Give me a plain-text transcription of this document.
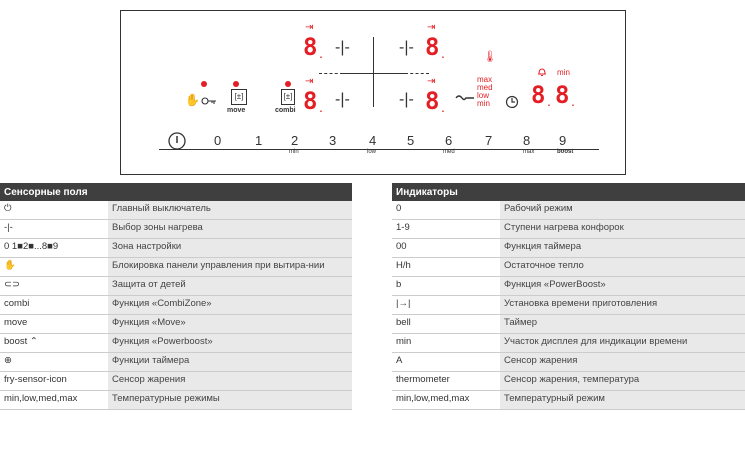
-|-	-|-
-|-	-|-
⇥
8 .
⇥
8 .
⇥
8 .
⇥
8 .
🌡
max
med
low
min
min
8 . 8 .
✋	[±]
move
[±]
combi
0	1 2 3	4 5 6	7 8 9
min	low	med	max	boost
Сенсорные поля	
⏻	Главный выключатель
-|-	Выбор зоны нагрева
0 1■2■...8■9	Зона настройки
✋	Блокировка панели управления при вытира-нии
⊂⊃	Защита от детей
combi	Функция «CombiZone»
move	Функция «Move»
boost ⌃	Функция «Powerboost»
⊕	Функции таймера
fry-sensor-icon	Сенсор жарения
min,low,med,max	Температурные режимы
Индикаторы	
0	Рабочий режим
1-9	Ступени нагрева конфорок
00	Функция таймера
H/h	Остаточное тепло
b	Функция «PowerBoost»
|→|	Установка времени приготовления
bell	Таймер
min	Участок дисплея для индикации времени
A	Сенсор жарения
thermometer	Сенсор жарения, температура
min,low,med,max	Температурный режим
